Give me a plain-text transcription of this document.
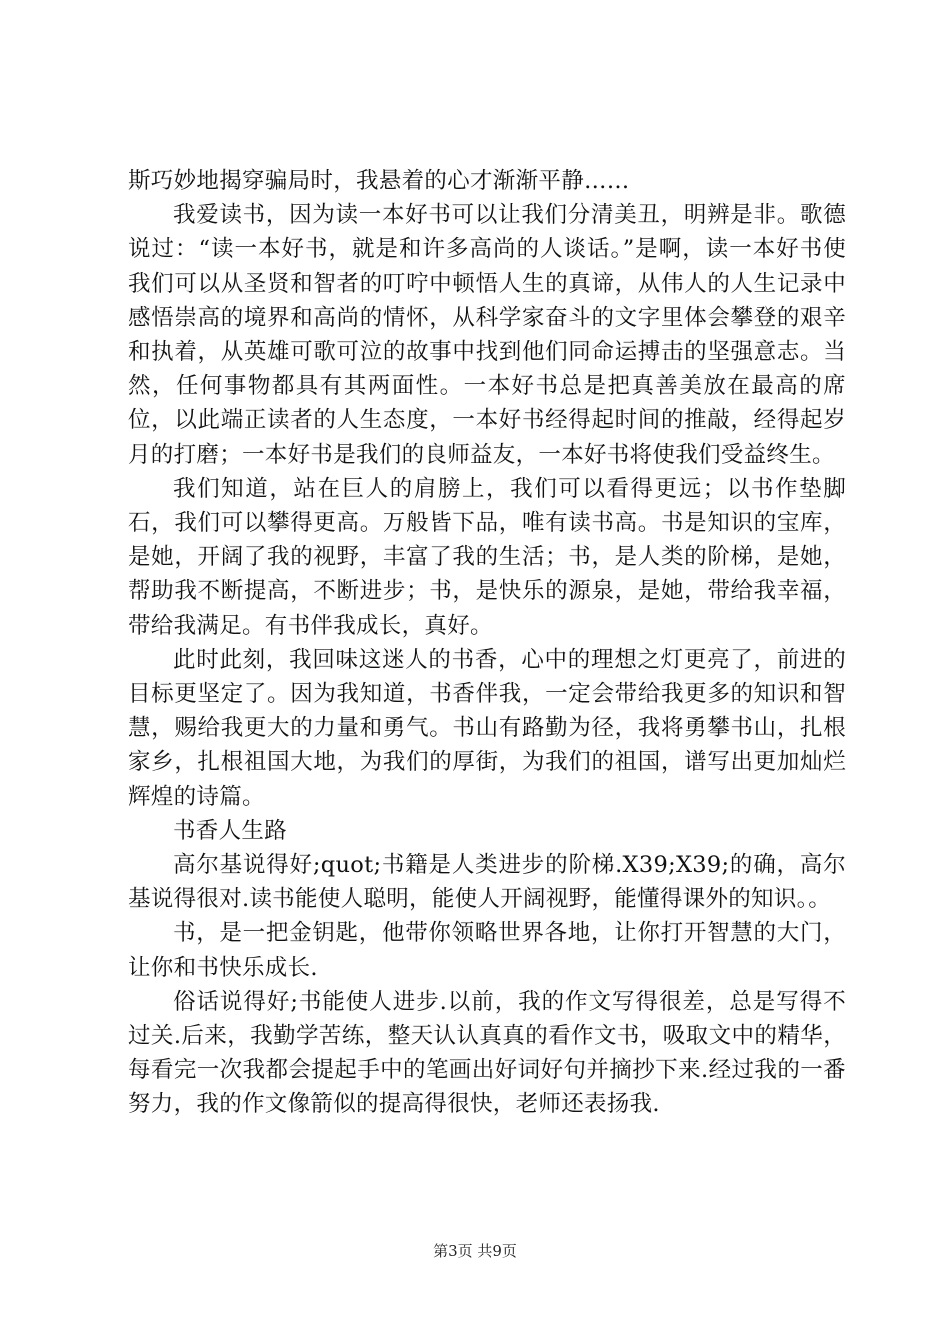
斯巧妙地揭穿骗局时，我悬着的心才渐渐平静……

我爱读书，因为读一本好书可以让我们分清美丑，明辨是非。歌德说过：“读一本好书，就是和许多高尚的人谈话。”是啊，读一本好书使我们可以从圣贤和智者的叮咛中顿悟人生的真谛，从伟人的人生记录中感悟崇高的境界和高尚的情怀，从科学家奋斗的文字里体会攀登的艰辛和执着，从英雄可歌可泣的故事中找到他们同命运搏击的坚强意志。当然，任何事物都具有其两面性。一本好书总是把真善美放在最高的席位，以此端正读者的人生态度，一本好书经得起时间的推敲，经得起岁月的打磨；一本好书是我们的良师益友，一本好书将使我们受益终生。

我们知道，站在巨人的肩膀上，我们可以看得更远；以书作垫脚石，我们可以攀得更高。万般皆下品，唯有读书高。书是知识的宝库，是她，开阔了我的视野，丰富了我的生活；书，是人类的阶梯，是她，帮助我不断提高，不断进步；书，是快乐的源泉，是她，带给我幸福，带给我满足。有书伴我成长，真好。

此时此刻，我回味这迷人的书香，心中的理想之灯更亮了，前进的目标更坚定了。因为我知道，书香伴我，一定会带给我更多的知识和智慧，赐给我更大的力量和勇气。书山有路勤为径，我将勇攀书山，扎根家乡，扎根祖国大地，为我们的厚街，为我们的祖国，谱写出更加灿烂辉煌的诗篇。

书香人生路

高尔基说得好;quot;书籍是人类进步的阶梯.X39;X39;的确，高尔基说得很对.读书能使人聪明，能使人开阔视野，能懂得课外的知识。。

书，是一把金钥匙，他带你领略世界各地，让你打开智慧的大门，让你和书快乐成长.

俗话说得好;书能使人进步.以前，我的作文写得很差，总是写得不过关.后来，我勤学苦练，整天认认真真的看作文书，吸取文中的精华，每看完一次我都会提起手中的笔画出好词好句并摘抄下来.经过我的一番努力，我的作文像箭似的提高得很快，老师还表扬我.

第3页 共9页
